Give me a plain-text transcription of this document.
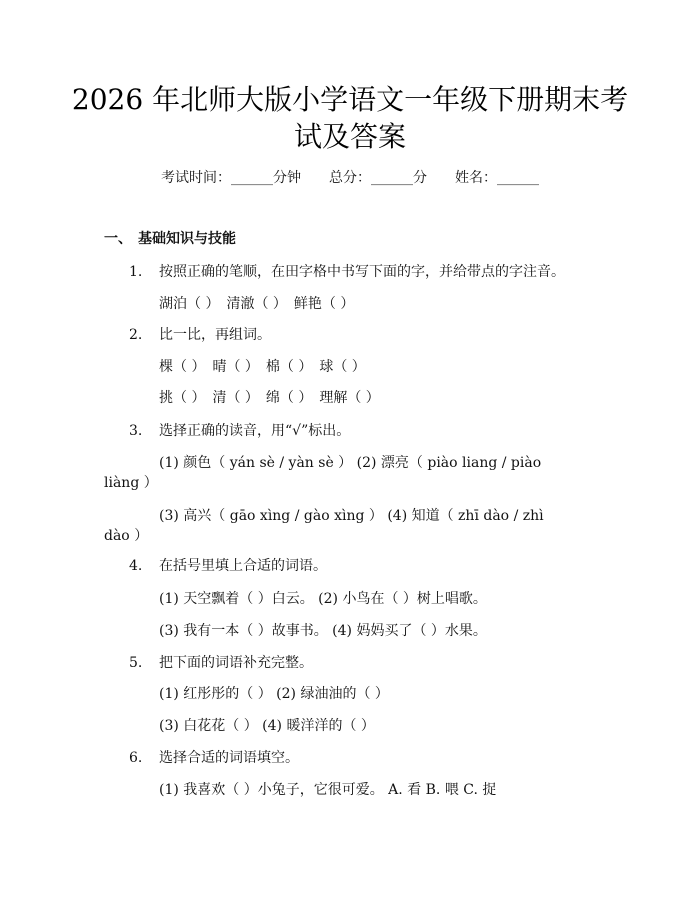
2026 年北师大版小学语文一年级下册期末考
试及答案
考试时间：______分钟　　总分：______分　　姓名：______
一、 基础知识与技能
1. 按照正确的笔顺，在田字格中书写下面的字，并给带点的字注音。
湖泊（ ）　清澈（ ）　鲜艳（ ）
2. 比一比，再组词。
棵（ ）　晴（ ）　棉（ ）　球（ ）
挑（ ）　清（ ）　绵（ ）　理解（ ）
3. 选择正确的读音，用“√”标出。
(1) 颜色（ yán sè / yàn sè ） (2) 漂亮（ piào liang / piào
liàng ）
(3) 高兴（ gāo xìng / gào xìng ） (4) 知道（ zhī dào / zhì
dào ）
4. 在括号里填上合适的词语。
(1) 天空飘着（ ）白云。 (2) 小鸟在（ ）树上唱歌。
(3) 我有一本（ ）故事书。 (4) 妈妈买了（ ）水果。
5. 把下面的词语补充完整。
(1) 红彤彤的（ ） (2) 绿油油的（ ）
(3) 白花花（ ） (4) 暖洋洋的（ ）
6. 选择合适的词语填空。
(1) 我喜欢（ ）小兔子，它很可爱。 A. 看 B. 喂 C. 捉
